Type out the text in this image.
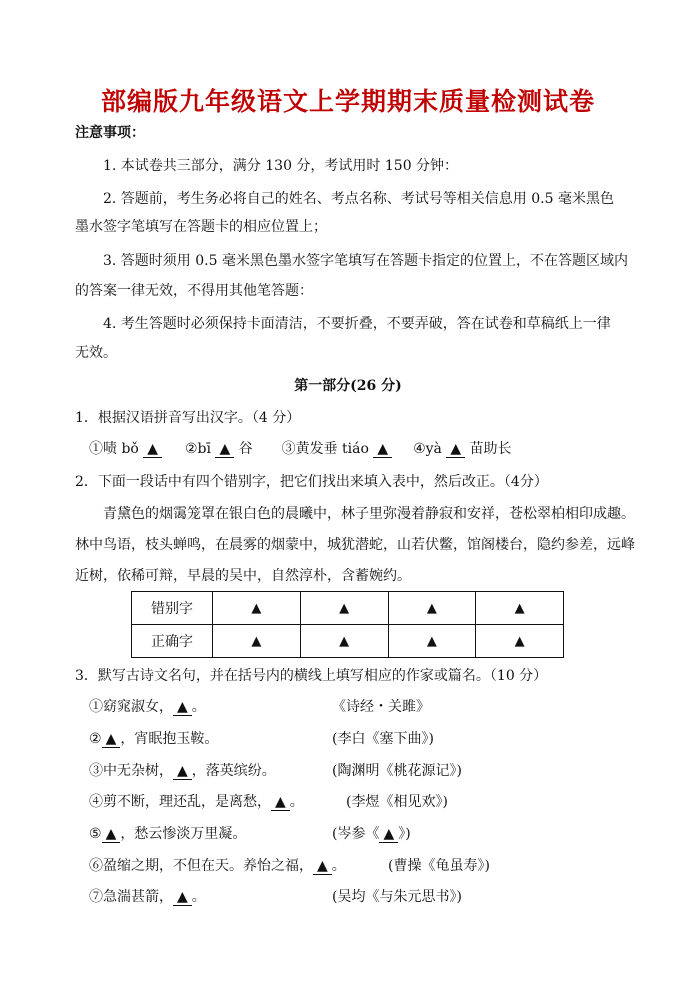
部编版九年级语文上学期期末质量检测试卷
注意事项：
1. 本试卷共三部分，满分 130 分，考试用时 150 分钟：
2. 答题前，考生务必将自己的姓名、考点名称、考试号等相关信息用 0.5 毫米黑色
墨水签字笔填写在答题卡的相应位置上；
3. 答题时须用 0.5 毫米黑色墨水签字笔填写在答题卡指定的位置上，不在答题区域内
的答案一律无效，不得用其他笔答题：
4. 考生答题时必须保持卡面清洁，不要折叠，不要弄破，答在试卷和草稿纸上一律
无效。
第一部分(26 分)
1．根据汉语拼音写出汉字。（4 分）
①啧 bǒ ▲ ②bī ▲ 谷 ③黄发垂 tiáo ▲ ④yà ▲ 苗助长
2．下面一段话中有四个错别字，把它们找出来填入表中，然后改正。（4分）
青黛色的烟霭笼罩在银白色的晨曦中，林子里弥漫着静寂和安祥，苍松翠柏相印成趣。
林中鸟语，枝头蝉鸣，在晨雾的烟蒙中，城犹潜蛇，山若伏鳖，馆阁楼台，隐约参差，远峰
近树，依稀可辩，早晨的吴中，自然淳朴，含蓄婉约。
错别字	▲	▲	▲	▲
正确字	▲	▲	▲	▲
3．默写古诗文名句，并在括号内的横线上填写相应的作家或篇名。（10 分）
①窈窕淑女， ▲ 。	《诗经・关雎》
② ▲ ，宵眠抱玉鞍。	(李白《塞下曲》)
③中无杂树， ▲ ，落英缤纷。	(陶渊明《桃花源记》)
④剪不断，理还乱，是离愁， ▲ 。	(李煜《相见欢》)
⑤ ▲ ，愁云惨淡万里凝。	(岑参《 ▲ 》)
⑥盈缩之期，不但在天。养怡之福， ▲ 。	(曹操《龟虽寿》)
⑦急湍甚箭， ▲ 。	(吴均《与朱元思书》)
